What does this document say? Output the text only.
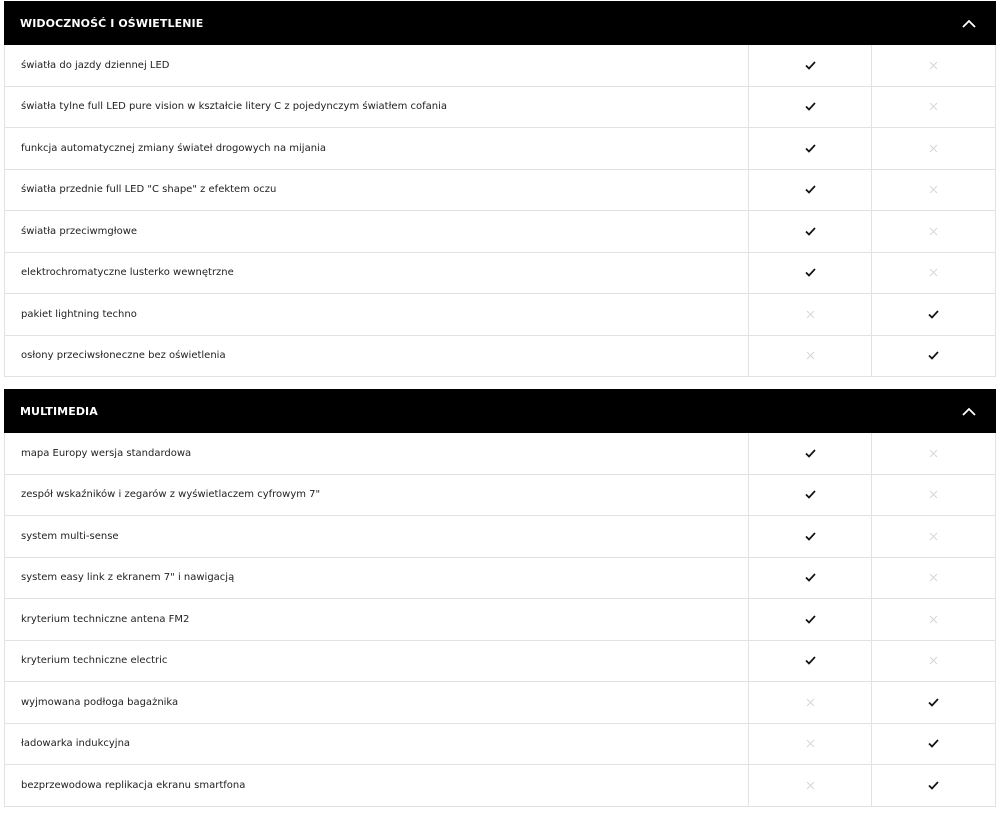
WIDOCZNOŚĆ I OŚWIETLENIE
światła do jazdy dziennej LED
światła tylne full LED pure vision w kształcie litery C z pojedynczym światłem cofania
funkcja automatycznej zmiany świateł drogowych na mijania
światła przednie full LED "C shape" z efektem oczu
światła przeciwmgłowe
elektrochromatyczne lusterko wewnętrzne
pakiet lightning techno
osłony przeciwsłoneczne bez oświetlenia
MULTIMEDIA
mapa Europy wersja standardowa
zespół wskaźników i zegarów z wyświetlaczem cyfrowym 7"
system multi-sense
system easy link z ekranem 7" i nawigacją
kryterium techniczne antena FM2
kryterium techniczne electric
wyjmowana podłoga bagażnika
ładowarka indukcyjna
bezprzewodowa replikacja ekranu smartfona
